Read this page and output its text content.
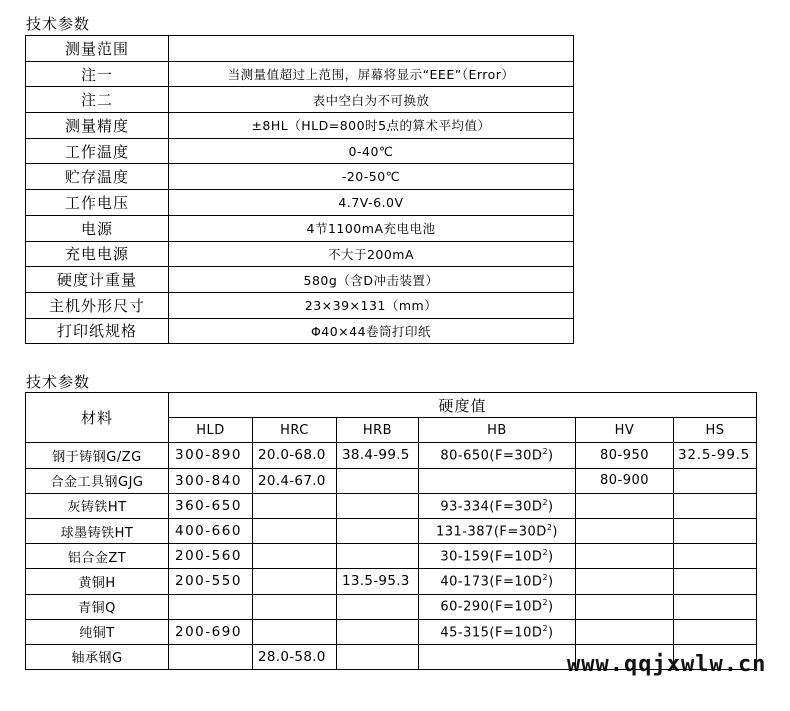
技术参数
测量范围	
注一	当测量值超过上范围，屏幕将显示“EEE”（Error）
注二	表中空白为不可换放
测量精度	±8HL（HLD=800时5点的算术平均值）
工作温度	0-40℃
贮存温度	-20-50℃
工作电压	4.7V-6.0V
电源	4节1100mA充电电池
充电电源	不大于200mA
硬度计重量	580g（含D冲击装置）
主机外形尺寸	23×39×131（mm）
打印纸规格	Φ40×44卷筒打印纸
技术参数
材料	硬度值					
	HLD	HRC	HRB	HB	HV	HS
钢于铸钢G/ZG	300-890	20.0-68.0	38.4-99.5	$80-650(F=30D^2)$	80-950	32.5-99.5
合金工具钢GJG	300-840	20.4-67.0			80-900	
灰铸铁HT	360-650			$93-334(F=30D^2)$		
球墨铸铁HT	400-660			$131-387(F=30D^2)$		
铝合金ZT	200-560			$30-159(F=10D^2)$		
黄铜H	200-550		13.5-95.3	$40-173(F=10D^2)$		
青铜Q				$60-290(F=10D^2)$		
纯铜T	200-690			$45-315(F=10D^2)$		
轴承钢G		28.0-58.0					www.qqjxwlw.cn
